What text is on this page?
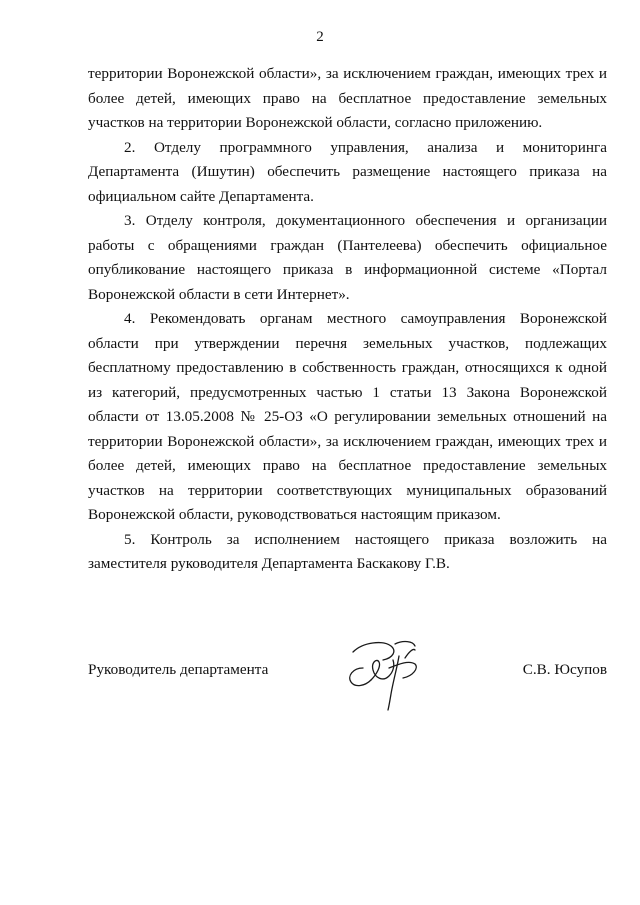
2

территории Воронежской области», за исключением граждан, имеющих трех и более детей, имеющих право на бесплатное предоставление земельных участков на территории Воронежской области, согласно приложению.

2. Отделу программного управления, анализа и мониторинга Департамента (Ишутин) обеспечить размещение настоящего приказа на официальном сайте Департамента.

3. Отделу контроля, документационного обеспечения и организации работы с обращениями граждан (Пантелеева) обеспечить официальное опубликование настоящего приказа в информационной системе «Портал Воронежской области в сети Интернет».

4. Рекомендовать органам местного самоуправления Воронежской области при утверждении перечня земельных участков, подлежащих бесплатному предоставлению в собственность граждан, относящихся к одной из категорий, предусмотренных частью 1 статьи 13 Закона Воронежской области от 13.05.2008 № 25-ОЗ «О регулировании земельных отношений на территории Воронежской области», за исключением граждан, имеющих трех и более детей, имеющих право на бесплатное предоставление земельных участков на территории соответствующих муниципальных образований Воронежской области, руководствоваться настоящим приказом.

5. Контроль за исполнением настоящего приказа возложить на заместителя руководителя Департамента Баскакову Г.В.

Руководитель департамента	С.В. Юсупов
